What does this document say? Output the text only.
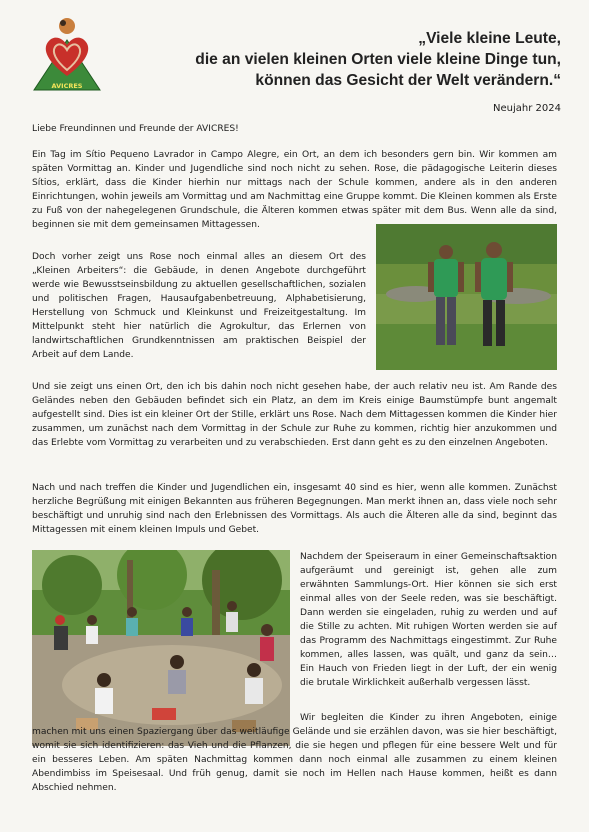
AVICRES
„Viele kleine Leute,
die an vielen kleinen Orten viele kleine Dinge tun,
können das Gesicht der Welt verändern.“
Neujahr 2024

Liebe Freundinnen und Freunde der AVICRES!

Ein Tag im Sítio Pequeno Lavrador in Campo Alegre, ein Ort, an dem ich besonders gern bin. Wir kommen am späten Vormittag an. Kinder und Jugendliche sind noch nicht zu sehen. Rose, die pädagogische Leiterin dieses Sítios, erklärt, dass die Kinder hierhin nur mittags nach der Schule kommen, andere als in den anderen Einrichtungen, wohin jeweils am Vormittag und am Nachmittag eine Gruppe kommt. Die Kleinen kommen als Erste zu Fuß von der nahegelegenen Grundschule, die Älteren kommen etwas später mit dem Bus. Wenn alle da sind, beginnen sie mit dem gemeinsamen Mittagessen.

Doch vorher zeigt uns Rose noch einmal alles an diesem Ort des „Kleinen Arbeiters“: die Gebäude, in denen Angebote durchgeführt werde wie Bewusstseinsbildung zu aktuellen gesellschaftlichen, sozialen und politischen Fragen, Hausaufgabenbetreuung, Alphabetisierung, Herstellung von Schmuck und Kleinkunst und Freizeitgestaltung. Im Mittelpunkt steht hier natürlich die Agrokultur, das Erlernen von landwirtschaftlichen Grundkenntnissen am praktischen Beispiel der Arbeit auf dem Lande.

Und sie zeigt uns einen Ort, den ich bis dahin noch nicht gesehen habe, der auch relativ neu ist. Am Rande des Geländes neben den Gebäuden befindet sich ein Platz, an dem im Kreis einige Baumstümpfe bunt angemalt aufgestellt sind. Dies ist ein kleiner Ort der Stille, erklärt uns Rose. Nach dem Mittagessen kommen die Kinder hier zusammen, um zunächst nach dem Vormittag in der Schule zur Ruhe zu kommen, richtig hier anzukommen und das Erlebte vom Vormittag zu verarbeiten und zu verabschieden. Erst dann geht es zu den einzelnen Angeboten.

Nach und nach treffen die Kinder und Jugendlichen ein, insgesamt 40 sind es hier, wenn alle kommen. Zunächst herzliche Begrüßung mit einigen Bekannten aus früheren Begegnungen. Man merkt ihnen an, dass viele noch sehr beschäftigt und unruhig sind nach den Erlebnissen des Vormittags. Als auch die Älteren alle da sind, beginnt das Mittagessen mit einem kleinen Impuls und Gebet.

Nachdem der Speiseraum in einer Gemeinschaftsaktion aufgeräumt und gereinigt ist, gehen alle zum erwähnten Sammlungs-Ort. Hier können sie sich erst einmal alles von der Seele reden, was sie beschäftigt. Dann werden sie eingeladen, ruhig zu werden und auf die Stille zu achten. Mit ruhigen Worten werden sie auf das Programm des Nachmittags eingestimmt. Zur Ruhe kommen, alles lassen, was quält, und ganz da sein… Ein Hauch von Frieden liegt in der Luft, der ein wenig die brutale Wirklichkeit außerhalb vergessen lässt.

Wir begleiten die Kinder zu ihren Angeboten, einige machen mit uns einen Spaziergang über das weitläufige Gelände und sie erzählen davon, was sie hier beschäftigt, womit sie sich identifizieren: das Vieh und die Pflanzen, die sie hegen und pflegen für eine bessere Welt und für ein besseres Leben. Am späten Nachmittag kommen dann noch einmal alle zusammen zu einem kleinen Abendimbiss im Speisesaal. Und früh genug, damit sie noch im Hellen nach Hause kommen, heißt es dann Abschied nehmen.
